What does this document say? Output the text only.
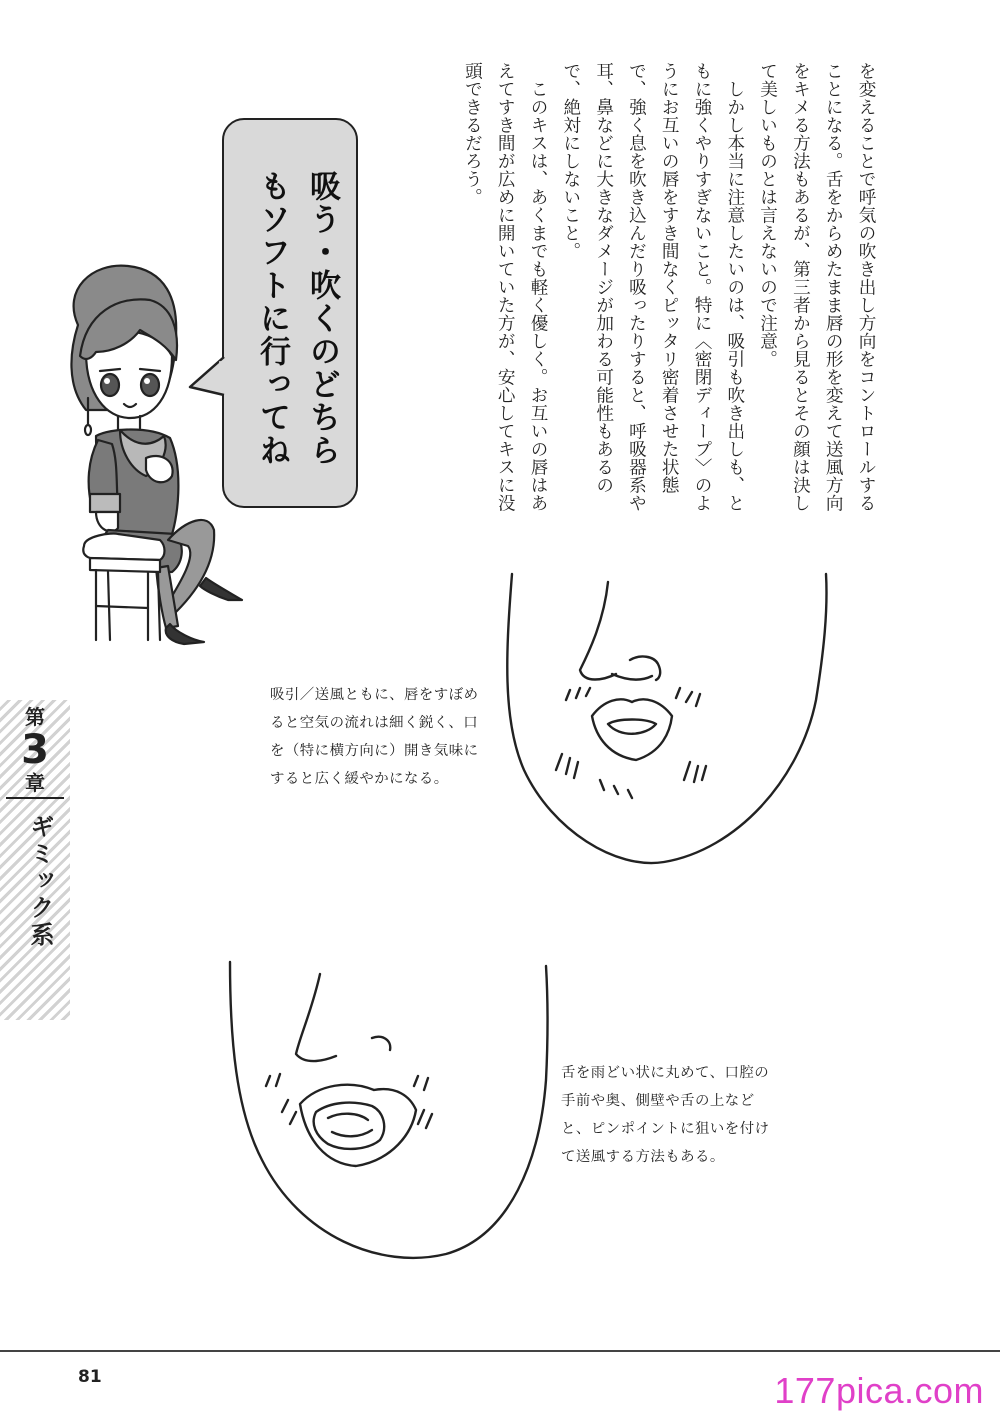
を変えることで呼気の吹き出し方向をコントロールすることになる。舌をからめたまま唇の形を変えて送風方向をキメる方法もあるが、第三者から見るとその顔は決して美しいものとは言えないので注意。

しかし本当に注意したいのは、吸引も吹き出しも、ともに強くやりすぎないこと。特に〈密閉ディープ〉のようにお互いの唇をすき間なくピッタリ密着させた状態で、強く息を吹き込んだり吸ったりすると、呼吸器系や耳、鼻などに大きなダメージが加わる可能性もあるので、絶対にしないこと。

このキスは、あくまでも軽く優しく。お互いの唇はあえてすき間が広めに開いていた方が、安心してキスに没頭できるだろう。

吸う・吹くのどちらもソフトに行ってね
第
3
章
ギミック系

吸引／送風ともに、唇をすぼめると空気の流れは細く鋭く、口を（特に横方向に）開き気味にすると広く緩やかになる。

舌を雨どい状に丸めて、口腔の手前や奥、側壁や舌の上などと、ピンポイントに狙いを付けて送風する方法もある。

81	177pica.com
